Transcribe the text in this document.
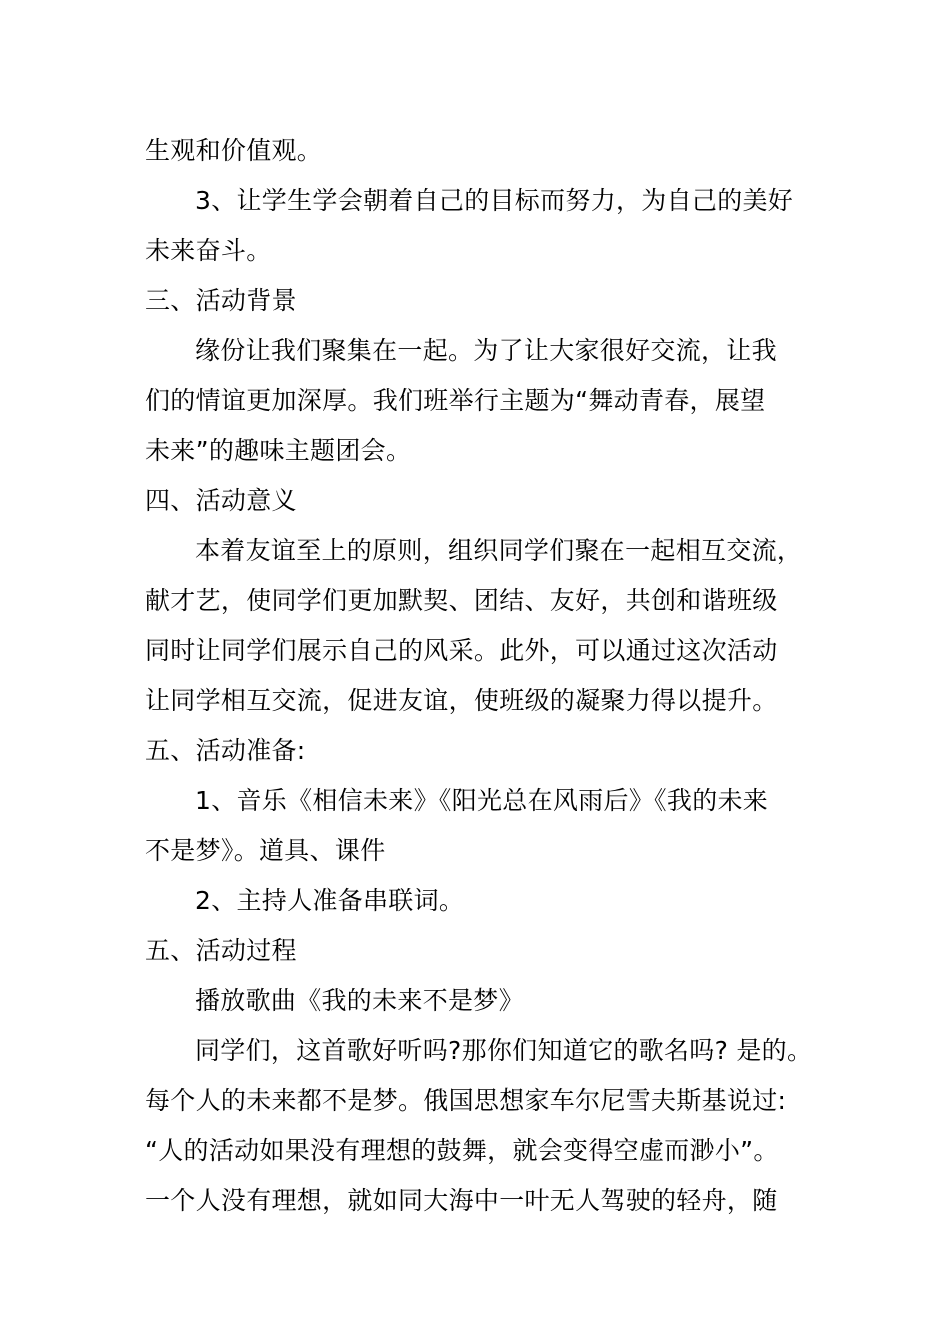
生观和价值观。
3、让学生学会朝着自己的目标而努力，为自己的美好
未来奋斗。
三、活动背景
缘份让我们聚集在一起。为了让大家很好交流，让我
们的情谊更加深厚。我们班举行主题为“舞动青春，展望
未来”的趣味主题团会。
四、活动意义
本着友谊至上的原则，组织同学们聚在一起相互交流，
献才艺，使同学们更加默契、团结、友好，共创和谐班级
同时让同学们展示自己的风采。此外，可以通过这次活动
让同学相互交流，促进友谊，使班级的凝聚力得以提升。
五、活动准备:
1、音乐《相信未来》《阳光总在风雨后》《我的未来
不是梦》。道具、课件
2、主持人准备串联词。
五、活动过程
播放歌曲《我的未来不是梦》
同学们，这首歌好听吗?那你们知道它的歌名吗? 是的。
每个人的未来都不是梦。俄国思想家车尔尼雪夫斯基说过:
“人的活动如果没有理想的鼓舞，就会变得空虚而渺小”。
一个人没有理想，就如同大海中一叶无人驾驶的轻舟，随
